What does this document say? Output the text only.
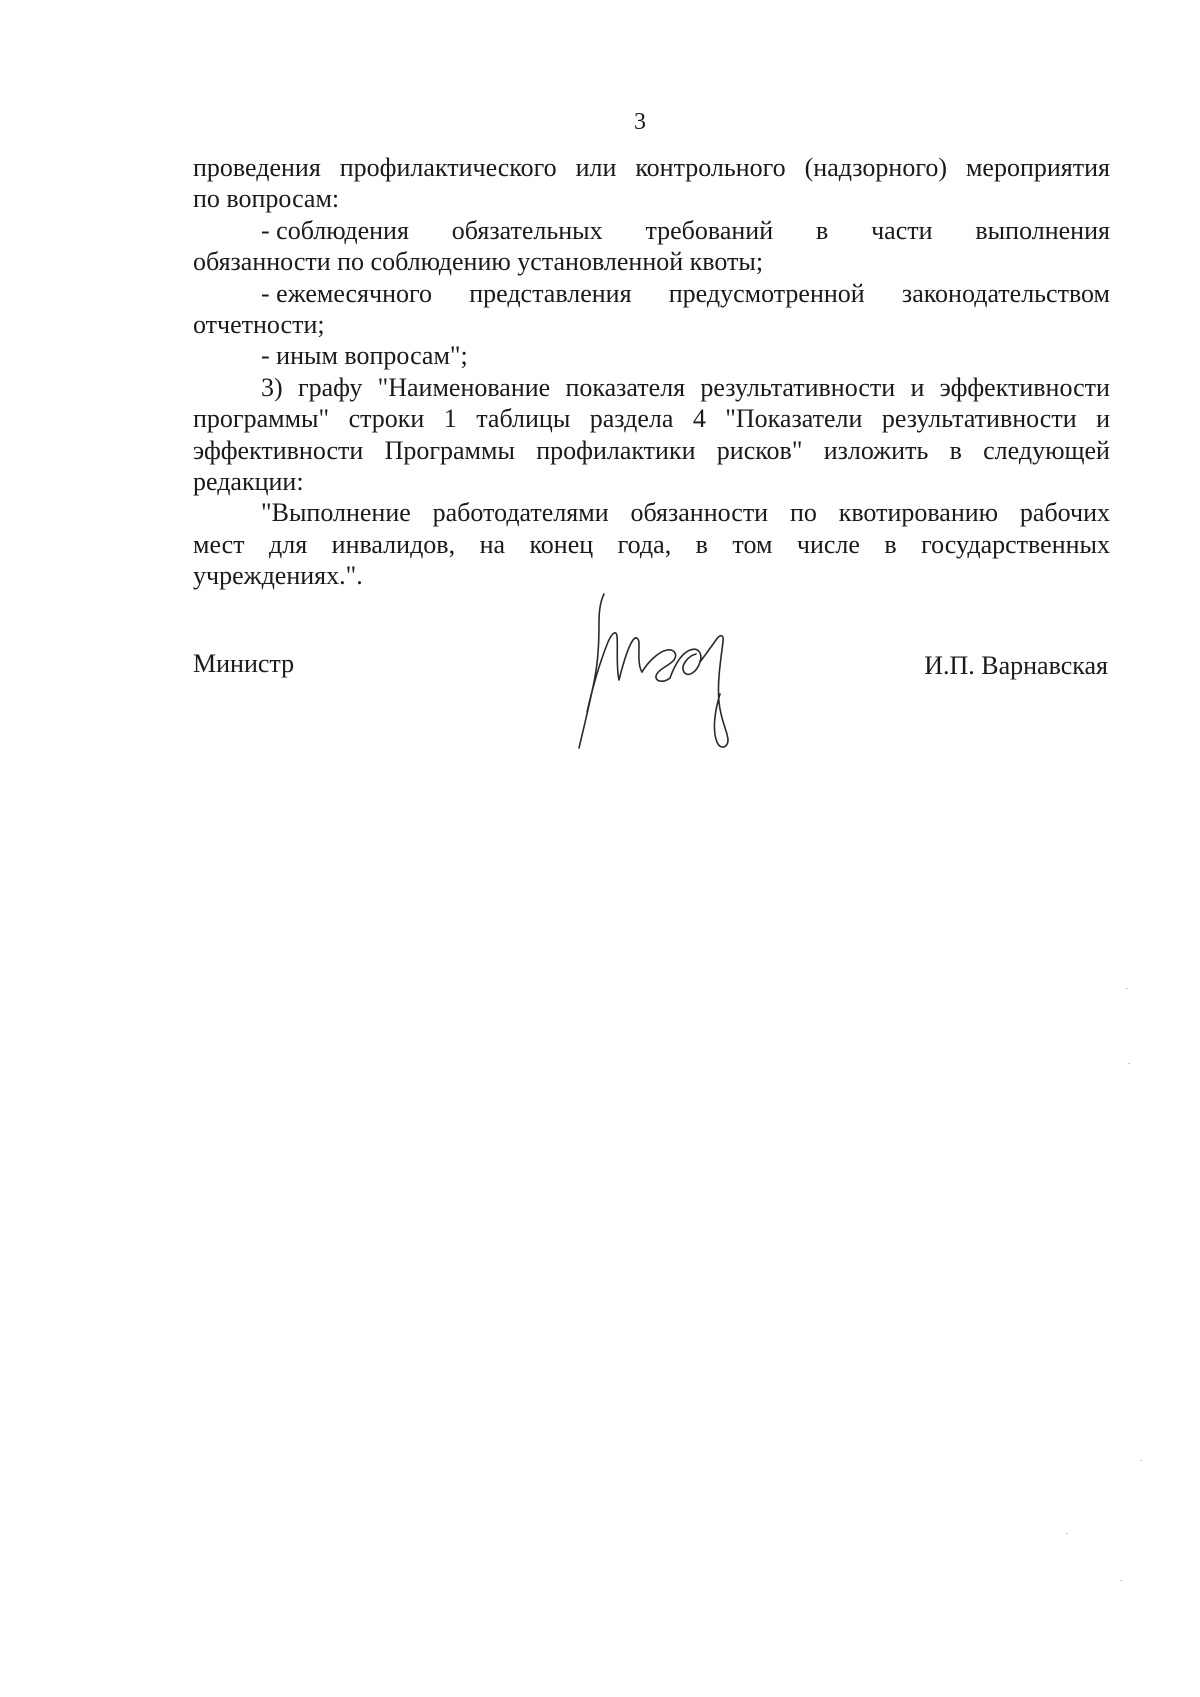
3
проведения профилактического или контрольного (надзорного) мероприятия
по вопросам:
- соблюдения обязательных требований в части выполнения
обязанности по соблюдению установленной квоты;
- ежемесячного представления предусмотренной законодательством
отчетности;
- иным вопросам";
3) графу "Наименование показателя результативности и эффективности
программы" строки 1 таблицы раздела 4 "Показатели результативности и
эффективности Программы профилактики рисков" изложить в следующей
редакции:
"Выполнение работодателями обязанности по квотированию рабочих
мест для инвалидов, на конец года, в том числе в государственных
учреждениях.".
Министр	И.П. Варнавская
